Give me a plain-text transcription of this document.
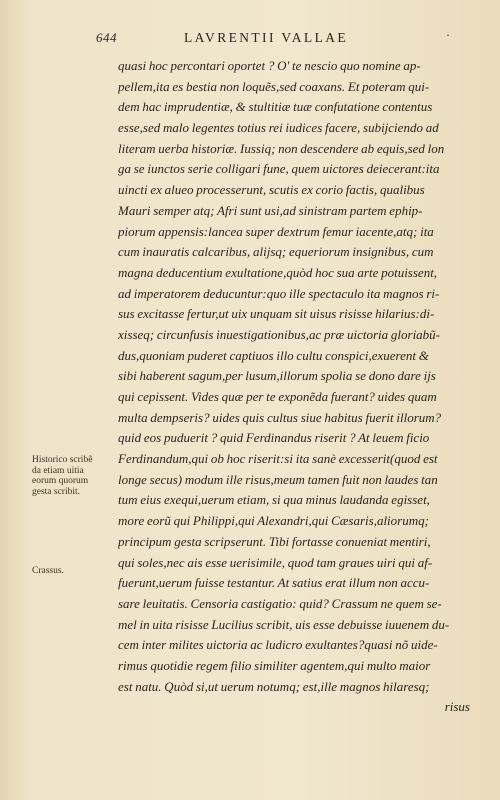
644	LAVRENTII VALLAE	·
quasi hoc percontari oportet ? O' te nescio quo nomine ap-
pellem,ita es bestia non loquẽs,sed coaxans. Et poteram qui-
dem hac imprudentiæ, & stultitiæ tuæ confutatione contentus
esse,sed malo legentes totius rei iudices facere, subijciendo ad
literam uerba historiæ. Iussiq; non descendere ab equis,sed lon
ga se iunctos serie colligari fune, quem uictores deiecerant:ita
uincti ex alueo processerunt, scutis ex corio factis, qualibus
Mauri semper atq; Afri sunt usi,ad sinistram partem ephip-
piorum appensis:lancea super dextrum femur iacente,atq; ita
cum inauratis calcaribus, alijsq; equeriorum insignibus, cum
magna deducentium exultatione,quòd hoc sua arte potuissent,
ad imperatorem deducuntur:quo ille spectaculo ita magnos ri-
sus excitasse fertur,ut uix unquam sit uisus risisse hilarius:di-
xisseq; circunfusis inuestigationibus,ac præ uictoria gloriabũ-
dus,quoniam puderet captiuos illo cultu conspici,exuerent &
sibi haberent sagum,per lusum,illorum spolia se dono dare ijs
qui cepissent. Vides quæ per te exponẽda fuerant? uides quam
multa dempseris? uides quis cultus siue habitus fuerit illorum?
quid eos puduerit ? quid Ferdinandus riserit ? At leuem ficio
Ferdinandum,qui ob hoc riserit:si ita sanè excesserit(quod est
longe secus) modum ille risus,meum tamen fuit non laudes tan
tum eius exequi,uerum etiam, si qua minus laudanda egisset,
more eorũ qui Philippi,qui Alexandri,qui Cæsaris,aliorumq;
principum gesta scripserunt. Tibi fortasse conueniat mentiri,
qui soles,nec ais esse uerisimile, quod tam graues uiri qui af-
fuerunt,uerum fuisse testantur. At satius erat illum non accu-
sare leuitatis. Censoria castigatio: quid? Crassum ne quem se-
mel in uita risisse Lucilius scribit, uis esse debuisse iuuenem du-
cem inter milites uictoria ac ludicro exultantes?quasi nõ uide-
rimus quotidie regem filio similiter agentem,qui multo maior
est natu. Quòd si,ut uerum notumq; est,ille magnos hilaresq;
risus
Historico scribẽ
da etiam uitia
eorum quorum
gesta scribit.
Crassus.
